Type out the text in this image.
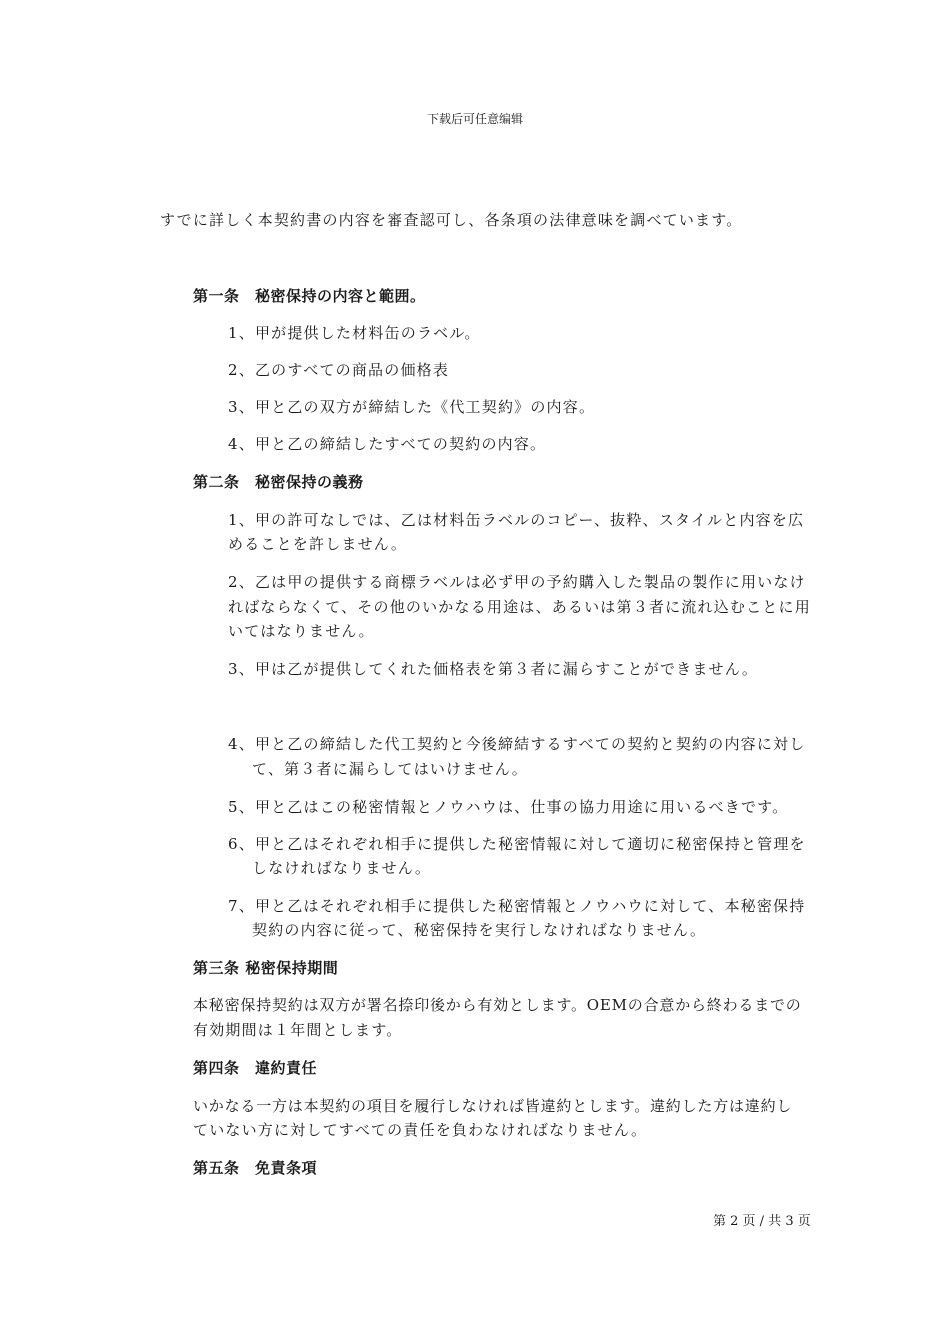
下载后可任意编辑
すでに詳しく本契約書の内容を審査認可し、各条項の法律意味を調べています。
第一条　秘密保持の内容と範囲。
1、甲が提供した材料缶のラベル。
2、乙のすべての商品の価格表
3、甲と乙の双方が締結した《代工契約》の内容。
4、甲と乙の締結したすべての契約の内容。
第二条　秘密保持の義務
1、甲の許可なしでは、乙は材料缶ラベルのコピー、抜粋、スタイルと内容を広
めることを許しません。
2、乙は甲の提供する商標ラベルは必ず甲の予約購入した製品の製作に用いなけ
ればならなくて、その他のいかなる用途は、あるいは第３者に流れ込むことに用
いてはなりません。
3、甲は乙が提供してくれた価格表を第３者に漏らすことができません。
4、甲と乙の締結した代工契約と今後締結するすべての契約と契約の内容に対し
て、第３者に漏らしてはいけません。
5、甲と乙はこの秘密情報とノウハウは、仕事の協力用途に用いるべきです。
6、甲と乙はそれぞれ相手に提供した秘密情報に対して適切に秘密保持と管理を
しなければなりません。
7、甲と乙はそれぞれ相手に提供した秘密情報とノウハウに対して、本秘密保持
契約の内容に従って、秘密保持を実行しなければなりません。
第三条 秘密保持期間
本秘密保持契約は双方が署名捺印後から有効とします。OEMの合意から終わるまでの
有効期間は１年間とします。
第四条　違約責任
いかなる一方は本契約の項目を履行しなければ皆違約とします。違約した方は違約し
ていない方に対してすべての責任を負わなければなりません。
第五条　免責条項
第 2 页 / 共 3 页
